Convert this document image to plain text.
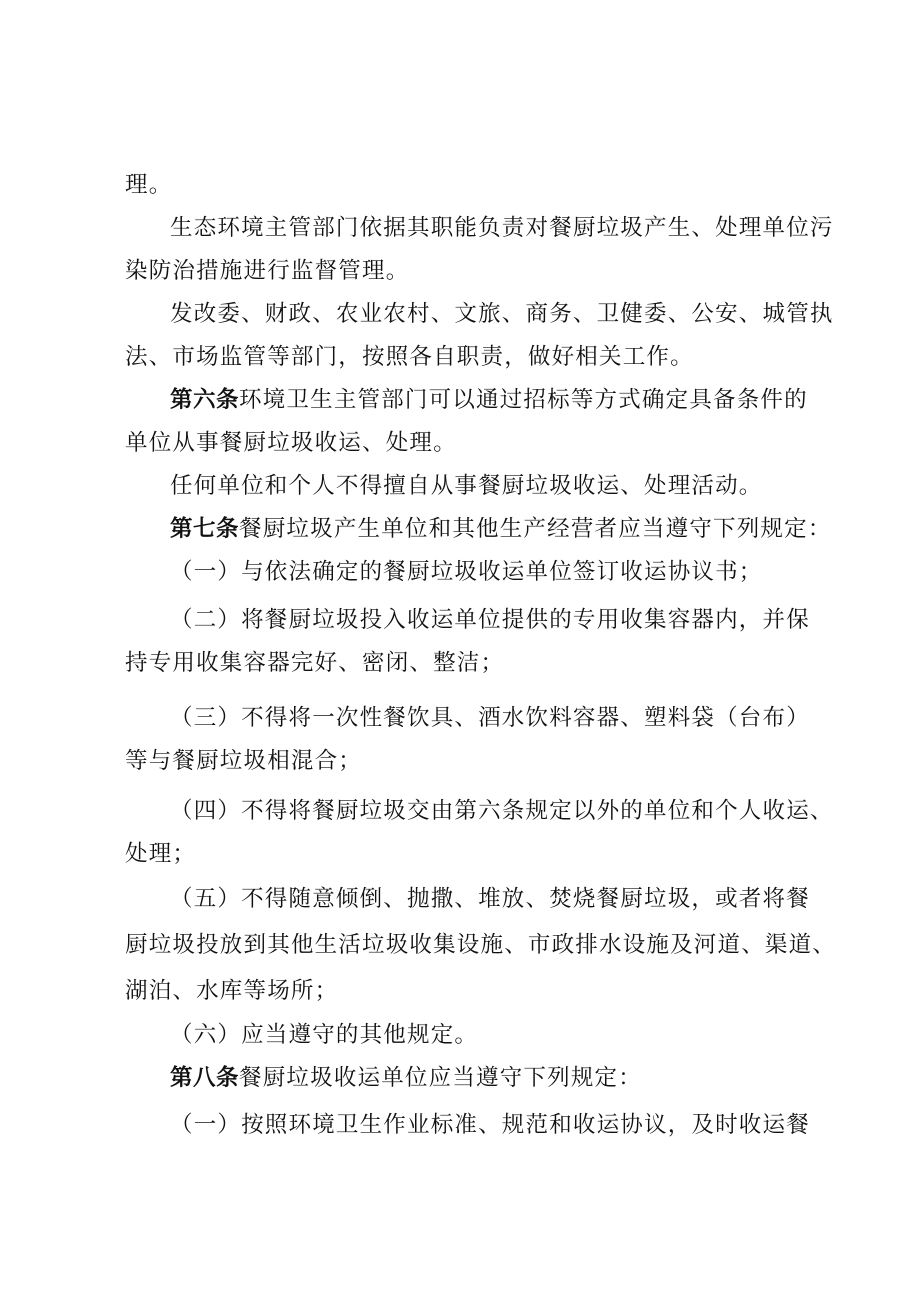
理。
生态环境主管部门依据其职能负责对餐厨垃圾产生、处理单位污
染防治措施进行监督管理。
发改委、财政、农业农村、文旅、商务、卫健委、公安、城管执
法、市场监管等部门，按照各自职责，做好相关工作。
第六条环境卫生主管部门可以通过招标等方式确定具备条件的
单位从事餐厨垃圾收运、处理。
任何单位和个人不得擅自从事餐厨垃圾收运、处理活动。
第七条餐厨垃圾产生单位和其他生产经营者应当遵守下列规定：
（一）与依法确定的餐厨垃圾收运单位签订收运协议书；
（二）将餐厨垃圾投入收运单位提供的专用收集容器内，并保
持专用收集容器完好、密闭、整洁；
（三）不得将一次性餐饮具、酒水饮料容器、塑料袋（台布）
等与餐厨垃圾相混合；
（四）不得将餐厨垃圾交由第六条规定以外的单位和个人收运、
处理；
（五）不得随意倾倒、抛撒、堆放、焚烧餐厨垃圾，或者将餐
厨垃圾投放到其他生活垃圾收集设施、市政排水设施及河道、渠道、
湖泊、水库等场所；
（六）应当遵守的其他规定。
第八条餐厨垃圾收运单位应当遵守下列规定：
（一）按照环境卫生作业标准、规范和收运协议，及时收运餐
